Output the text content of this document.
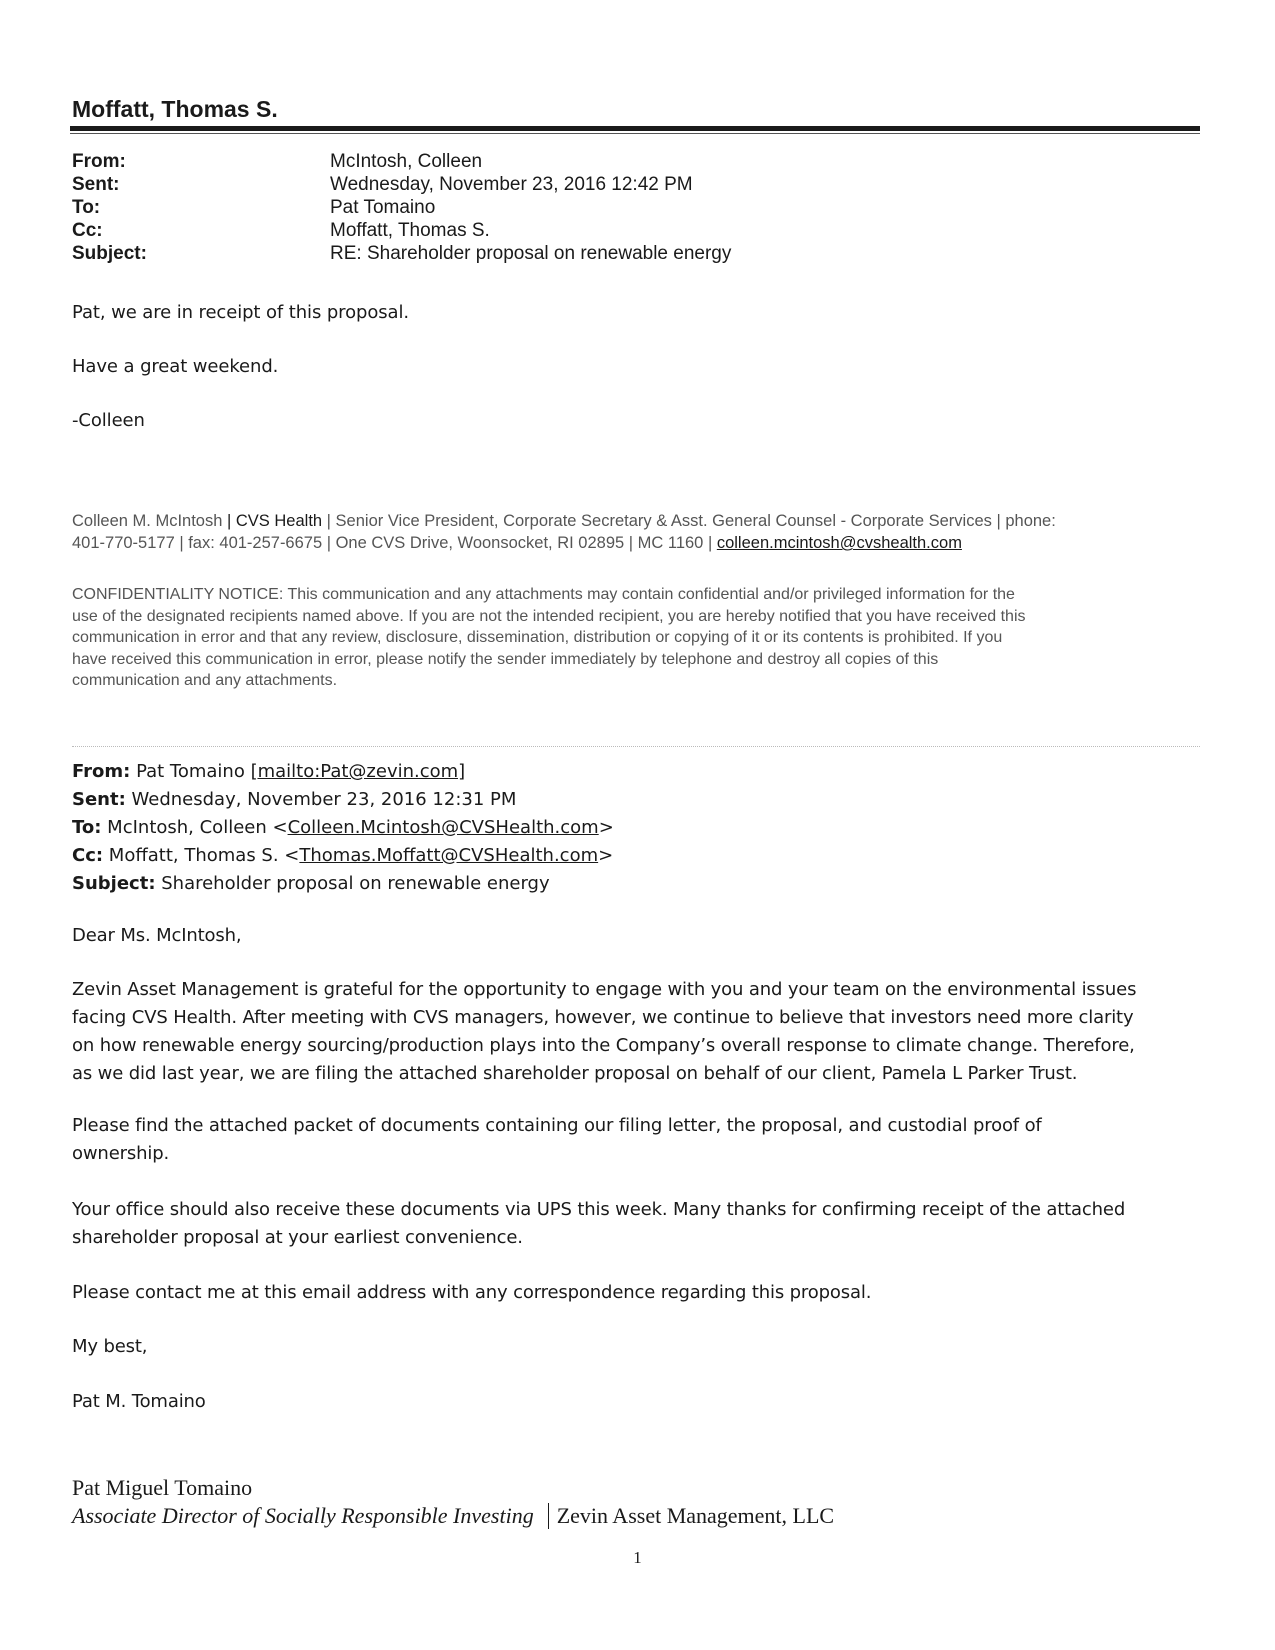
Moffatt, Thomas S.
From:	McIntosh, Colleen
Sent:	Wednesday, November 23, 2016 12:42 PM
To:	Pat Tomaino
Cc:	Moffatt, Thomas S.
Subject:	RE: Shareholder proposal on renewable energy
Pat, we are in receipt of this proposal.
Have a great weekend.
-Colleen
Colleen M. McIntosh | CVS Health | Senior Vice President, Corporate Secretary & Asst. General Counsel - Corporate Services | phone:
401-770-5177 | fax: 401-257-6675 | One CVS Drive, Woonsocket, RI 02895 | MC 1160 | colleen.mcintosh@cvshealth.com
CONFIDENTIALITY NOTICE: This communication and any attachments may contain confidential and/or privileged information for the
use of the designated recipients named above. If you are not the intended recipient, you are hereby notified that you have received this
communication in error and that any review, disclosure, dissemination, distribution or copying of it or its contents is prohibited. If you
have received this communication in error, please notify the sender immediately by telephone and destroy all copies of this
communication and any attachments.
From: Pat Tomaino [mailto:Pat@zevin.com]
Sent: Wednesday, November 23, 2016 12:31 PM
To: McIntosh, Colleen <Colleen.Mcintosh@CVSHealth.com>
Cc: Moffatt, Thomas S. <Thomas.Moffatt@CVSHealth.com>
Subject: Shareholder proposal on renewable energy
Dear Ms. McIntosh,
Zevin Asset Management is grateful for the opportunity to engage with you and your team on the environmental issues
facing CVS Health. After meeting with CVS managers, however, we continue to believe that investors need more clarity
on how renewable energy sourcing/production plays into the Company’s overall response to climate change. Therefore,
as we did last year, we are filing the attached shareholder proposal on behalf of our client, Pamela L Parker Trust.
Please find the attached packet of documents containing our filing letter, the proposal, and custodial proof of
ownership.
Your office should also receive these documents via UPS this week. Many thanks for confirming receipt of the attached
shareholder proposal at your earliest convenience.
Please contact me at this email address with any correspondence regarding this proposal.
My best,
Pat M. Tomaino
Pat Miguel Tomaino
Associate Director of Socially Responsible Investing Zevin Asset Management, LLC
1
